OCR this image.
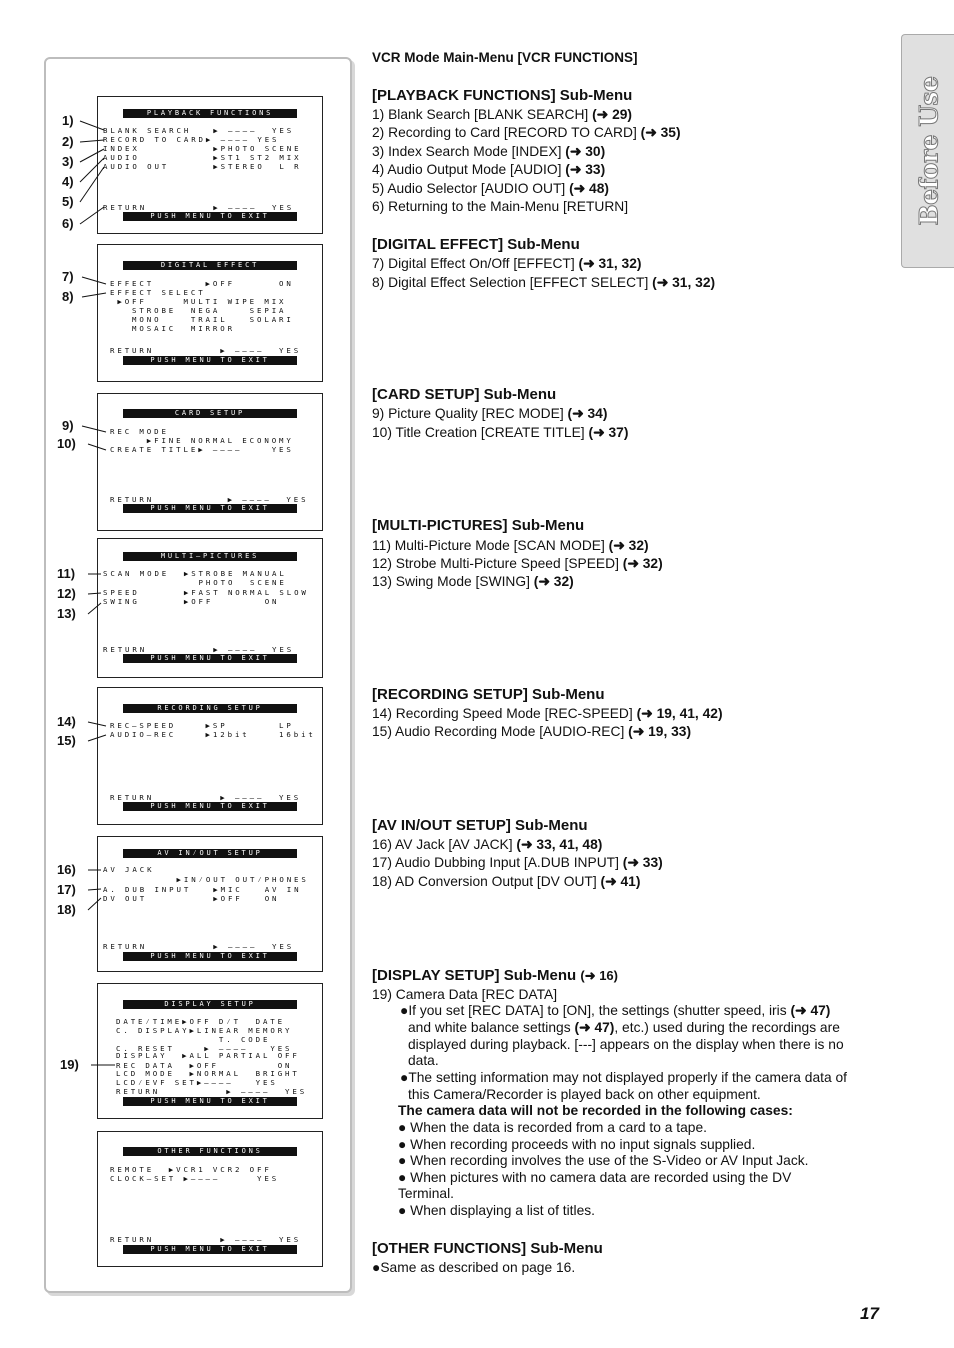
PLAYBACK FUNCTIONS
BLANK SEARCH   ▶ ––––  YES
RECORD TO CARD▶ –––– YES
INDEX          ▶PHOTO SCENE
AUDIO          ▶ST1 ST2 MIX
AUDIO OUT      ▶STEREO  L R
RETURN         ▶ ––––  YES
PUSH MENU TO EXIT
DIGITAL EFFECT
EFFECT       ▶OFF      ON
EFFECT SELECT
▶OFF     MULTI WIPE MIX
STROBE  NEGA    SEPIA
MONO    TRAIL   SOLARI
MOSAIC  MIRROR
RETURN         ▶ ––––  YES
PUSH MENU TO EXIT
CARD SETUP
REC MODE
▶FINE NORMAL ECONOMY
CREATE TITLE▶ ––––    YES
RETURN          ▶ ––––  YES
PUSH MENU TO EXIT
MULTI–PICTURES
SCAN MODE  ▶STROBE MANUAL
PHOTO  SCENE
SPEED      ▶FAST NORMAL SLOW
SWING      ▶OFF       ON
RETURN         ▶ ––––  YES
PUSH MENU TO EXIT
RECORDING SETUP
REC–SPEED    ▶SP       LP
AUDIO–REC    ▶12bit    16bit
RETURN         ▶ ––––  YES
PUSH MENU TO EXIT
AV IN⁄OUT SETUP
AV JACK
▶IN⁄OUT OUT⁄PHONES
A. DUB INPUT   ▶MIC   AV IN
DV OUT         ▶OFF   ON
RETURN         ▶ ––––  YES
PUSH MENU TO EXIT
DISPLAY SETUP
DATE⁄TIME▶OFF D⁄T  DATE
C. DISPLAY▶LINEAR MEMORY
T. CODE
C. RESET    ▶ ––––   YES
DISPLAY  ▶ALL PARTIAL OFF
REC DATA  ▶OFF        ON
LCD MODE  ▶NORMAL  BRIGHT
LCD⁄EVF SET▶––––   YES
RETURN         ▶ ––––  YES
PUSH MENU TO EXIT
OTHER FUNCTIONS
REMOTE  ▶VCR1 VCR2 OFF
CLOCK–SET ▶––––     YES
RETURN         ▶ ––––  YES
PUSH MENU TO EXIT
1)
2)
3)
4)
5)
6)
7)
8)
9)
10)
11)
12)
13)
14)
15)
16)
17)
18)
19)
VCR Mode Main-Menu [VCR FUNCTIONS]
[PLAYBACK FUNCTIONS] Sub-Menu
1) Blank Search [BLANK SEARCH] (➜ 29)
2) Recording to Card [RECORD TO CARD] (➜ 35)
3) Index Search Mode [INDEX] (➜ 30)
4) Audio Output Mode [AUDIO] (➜ 33)
5) Audio Selector [AUDIO OUT] (➜ 48)
6) Returning to the Main-Menu [RETURN]
[DIGITAL EFFECT] Sub-Menu
7) Digital Effect On/Off [EFFECT] (➜ 31, 32)
8) Digital Effect Selection [EFFECT SELECT] (➜ 31, 32)
[CARD SETUP] Sub-Menu
9) Picture Quality [REC MODE] (➜ 34)
10) Title Creation [CREATE TITLE] (➜ 37)
[MULTI-PICTURES] Sub-Menu
11) Multi-Picture Mode [SCAN MODE] (➜ 32)
12) Strobe Multi-Picture Speed [SPEED] (➜ 32)
13) Swing Mode [SWING] (➜ 32)
[RECORDING SETUP] Sub-Menu
14) Recording Speed Mode [REC-SPEED] (➜ 19, 41, 42)
15) Audio Recording Mode [AUDIO-REC] (➜ 19, 33)
[AV IN/OUT SETUP] Sub-Menu
16) AV Jack [AV JACK] (➜ 33, 41, 48)
17) Audio Dubbing Input [A.DUB INPUT] (➜ 33)
18) AD Conversion Output [DV OUT] (➜ 41)
[DISPLAY SETUP] Sub-Menu (➜ 16)
19) Camera Data [REC DATA]
●If you set [REC DATA] to [ON], the settings (shutter speed, iris (➜ 47)
and white balance settings (➜ 47), etc.) used during the recordings are
displayed during playback. [---] appears on the display when there is no
data.
●The setting information may not displayed properly if the camera data of
this Camera/Recorder is played back on other equipment.
The camera data will not be recorded in the following cases:
● When the data is recorded from a card to a tape.
● When recording proceeds with no input signals supplied.
● When recording involves the use of the S-Video or AV Input Jack.
● When pictures with no camera data are recorded using the DV
Terminal.
● When displaying a list of titles.
[OTHER FUNCTIONS] Sub-Menu
●Same as described on page 16.
Before Use
17
